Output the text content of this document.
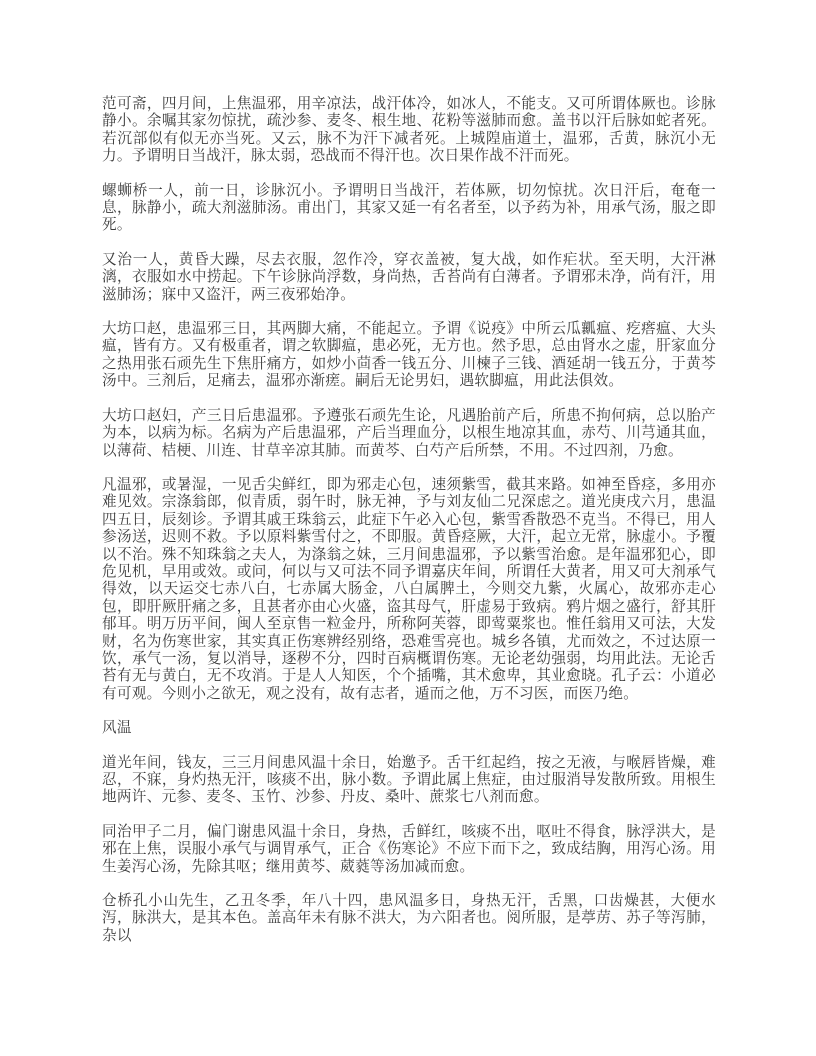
范可斋，四月间，上焦温邪，用辛凉法，战汗体冷，如冰人，不能支。又可所谓体厥也。诊脉静小。余嘱其家勿惊扰，疏沙参、麦冬、根生地、花粉等滋肺而愈。盖书以汗后脉如蛇者死。若沉部似有似无亦当死。又云，脉不为汗下减者死。上城隍庙道士，温邪，舌黄，脉沉小无力。予谓明日当战汗，脉太弱，恐战而不得汗也。次日果作战不汗而死。

螺蛳桥一人，前一日，诊脉沉小。予谓明日当战汗，若体厥，切勿惊扰。次日汗后，奄奄一息，脉静小，疏大剂滋肺汤。甫出门，其家又延一有名者至，以予药为补，用承气汤，服之即死。

又治一人，黄昏大躁，尽去衣服，忽作冷，穿衣盖被，复大战，如作疟状。至天明，大汗淋漓，衣服如水中捞起。下午诊脉尚浮数，身尚热，舌苔尚有白薄者。予谓邪未净，尚有汗，用滋肺汤；寐中又盗汗，两三夜邪始净。

大坊口赵，患温邪三日，其两脚大痛，不能起立。予谓《说疫》中所云瓜瓤瘟、疙瘩瘟、大头瘟，皆有方。又有极重者，谓之软脚瘟，患必死，无方也。然予思，总由肾水之虚，肝家血分之热用张石顽先生下焦肝痛方，如炒小茴香一钱五分、川楝子三钱、酒延胡一钱五分，于黄芩汤中。三剂后，足痛去，温邪亦渐瘥。嗣后无论男妇，遇软脚瘟，用此法俱效。

大坊口赵妇，产三日后患温邪。予遵张石顽先生论，凡遇胎前产后，所患不拘何病，总以胎产为本，以病为标。名病为产后患温邪，产后当理血分，以根生地凉其血，赤芍、川芎通其血，以薄荷、桔梗、川连、甘草辛凉其肺。而黄芩、白芍产后所禁，不用。不过四剂，乃愈。

凡温邪，或暑湿，一见舌尖鲜红，即为邪走心包，速须紫雪，截其来路。如神至昏痉，多用亦难见效。宗涤翁郎，似青质，弱午时，脉无神，予与刘友仙二兄深虑之。道光庚戌六月，患温四五日，辰刻诊。予谓其戚王珠翁云，此症下午必入心包，紫雪香散恐不克当。不得已，用人参汤送，迟则不救。予以原料紫雪付之，不即服。黄昏痉厥，大汗，起立无常，脉虚小。予覆以不治。殊不知珠翁之夫人，为涤翁之妹，三月间患温邪，予以紫雪治愈。是年温邪犯心，即危见机，早用或效。或问，何以与又可法不同予谓嘉庆年间，所谓任大黄者，用又可大剂承气得效，以天运交七赤八白，七赤属大肠金，八白属脾土，今则交九紫，火属心，故邪亦走心包，即肝厥肝痛之多，且甚者亦由心火盛，盗其母气，肝虚易于致病。鸦片烟之盛行，舒其肝郁耳。明万历平间，闽人至京售一粒金丹，所称阿芙蓉，即莺粟浆也。惟任翁用又可法，大发财，名为伤寒世家，其实真正伤寒辨经别络，恐难雪亮也。城乡各镇，尤而效之，不过达原一饮，承气一汤，复以消导，逐秽不分，四时百病概谓伤寒。无论老幼强弱，均用此法。无论舌苔有无与黄白，无不攻消。于是人人知医，个个插嘴，其术愈卑，其业愈晓。孔子云：小道必有可观。今则小之欲无，观之没有，故有志者，遁而之他，万不习医，而医乃绝。

风温

道光年间，钱友，三三月间患风温十余日，始邀予。舌干红起绉，按之无液，与喉唇皆燥，难忍，不寐，身灼热无汗，咳痰不出，脉小数。予谓此属上焦症，由过服消导发散所致。用根生地两许、元参、麦冬、玉竹、沙参、丹皮、桑叶、蔗浆七八剂而愈。

同治甲子二月，偏门谢患风温十余日，身热，舌鲜红，咳痰不出，呕吐不得食，脉浮洪大，是邪在上焦，误服小承气与调胃承气，正合《伤寒论》不应下而下之，致成结胸，用泻心汤。用生姜泻心汤，先除其呕；继用黄芩、葳蕤等汤加减而愈。

仓桥孔小山先生，乙丑冬季，年八十四，患风温多日，身热无汗，舌黑，口齿燥甚，大便水泻，脉洪大，是其本色。盖高年未有脉不洪大，为六阳者也。阅所服，是葶苈、苏子等泻肺，杂以
